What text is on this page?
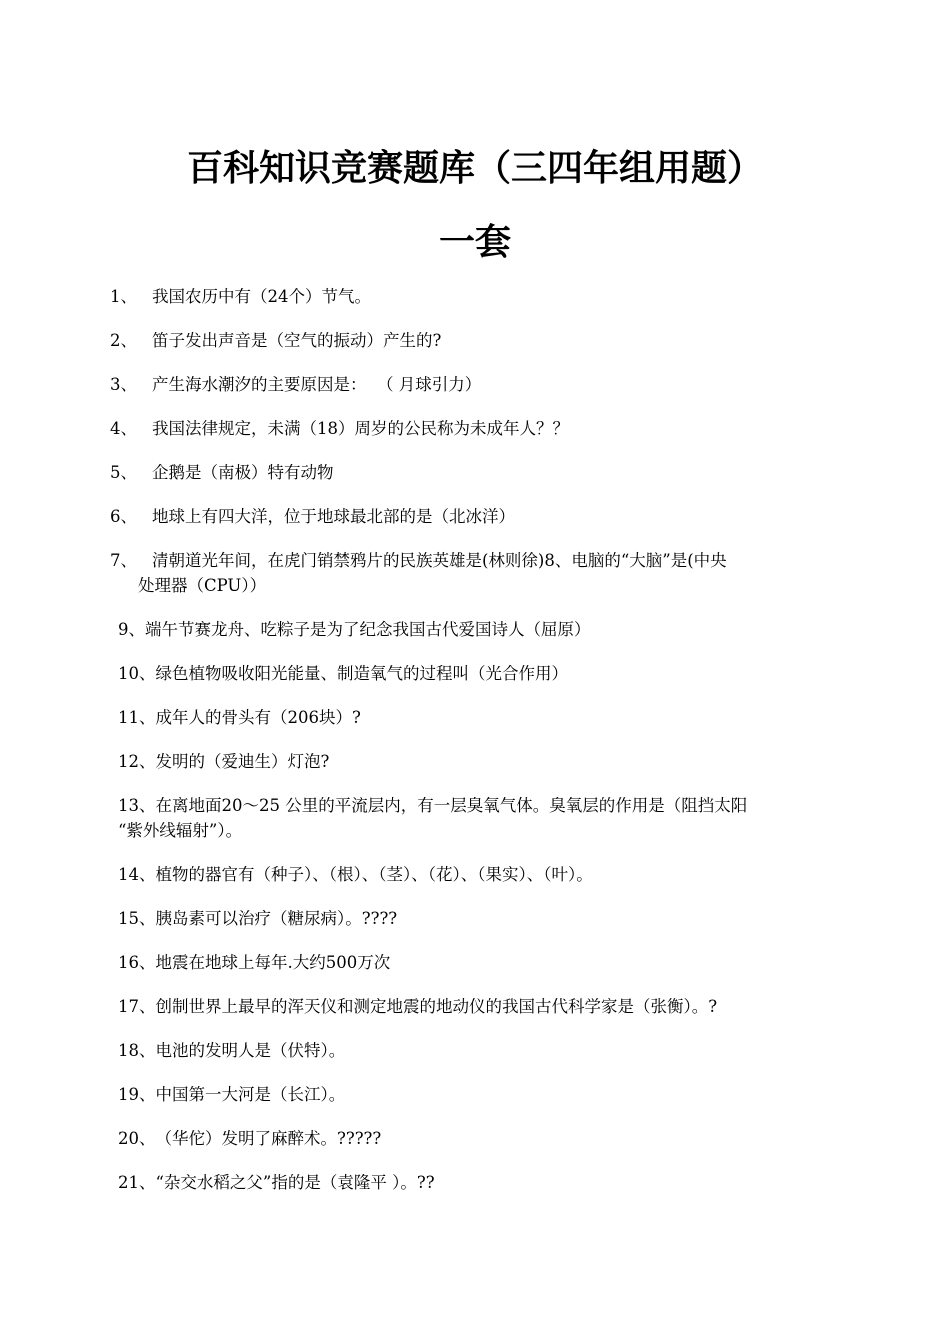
百科知识竞赛题库（三四年组用题）
一套
1、 我国农历中有（24个）节气。
2、 笛子发出声音是（空气的振动）产生的?
3、 产生海水潮汐的主要原因是：  （ 月球引力）
4、 我国法律规定，未满（18）周岁的公民称为未成年人？？
5、 企鹅是（南极）特有动物
6、 地球上有四大洋，位于地球最北部的是（北冰洋）
7、 清朝道光年间，在虎门销禁鸦片的民族英雄是(林则徐)8、电脑的“大脑”是(中央
处理器（CPU））
9、端午节赛龙舟、吃粽子是为了纪念我国古代爱国诗人（屈原）
10、绿色植物吸收阳光能量、制造氧气的过程叫（光合作用）
11、成年人的骨头有（206块）?
12、发明的（爱迪生）灯泡?
13、在离地面20～25 公里的平流层内，有一层臭氧气体。臭氧层的作用是（阻挡太阳
“紫外线辐射”）。
14、植物的器官有（种子）、（根）、（茎）、（花）、（果实）、（叶）。
15、胰岛素可以治疗（糖尿病）。????
16、地震在地球上每年.大约500万次
17、创制世界上最早的浑天仪和测定地震的地动仪的我国古代科学家是（张衡）。?
18、电池的发明人是（伏特）。
19、中国第一大河是（长江）。
20、（华佗）发明了麻醉术。?????
21、“杂交水稻之父”指的是（袁隆平 ）。??
